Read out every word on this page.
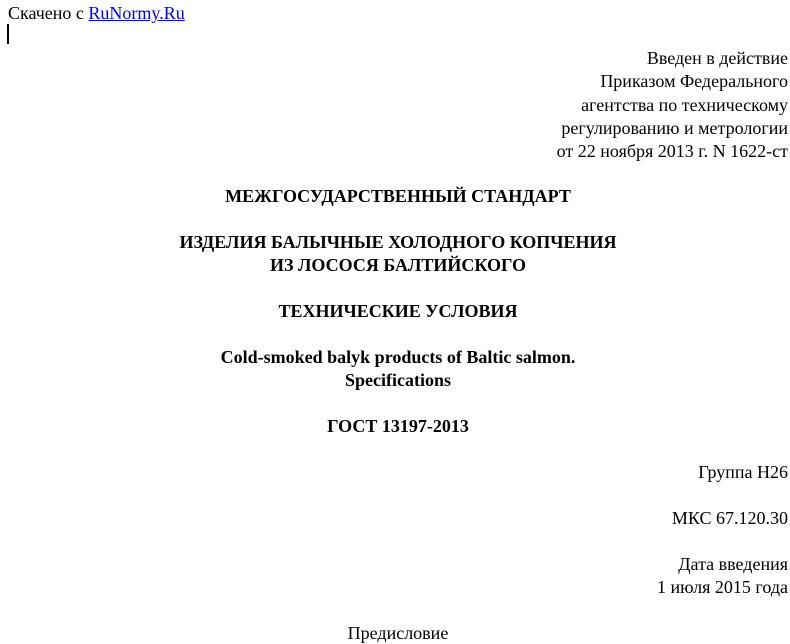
Скачено с RuNormy.Ru
Введен в действие
Приказом Федерального
агентства по техническому
регулированию и метрологии
от 22 ноября 2013 г. N 1622-ст
МЕЖГОСУДАРСТВЕННЫЙ СТАНДАРТ
ИЗДЕЛИЯ БАЛЫЧНЫЕ ХОЛОДНОГО КОПЧЕНИЯ
ИЗ ЛОСОСЯ БАЛТИЙСКОГО
ТЕХНИЧЕСКИЕ УСЛОВИЯ
Cold-smoked balyk products of Baltic salmon.
Specifications
ГОСТ 13197-2013
Группа Н26
МКС 67.120.30
Дата введения
1 июля 2015 года
Предисловие
